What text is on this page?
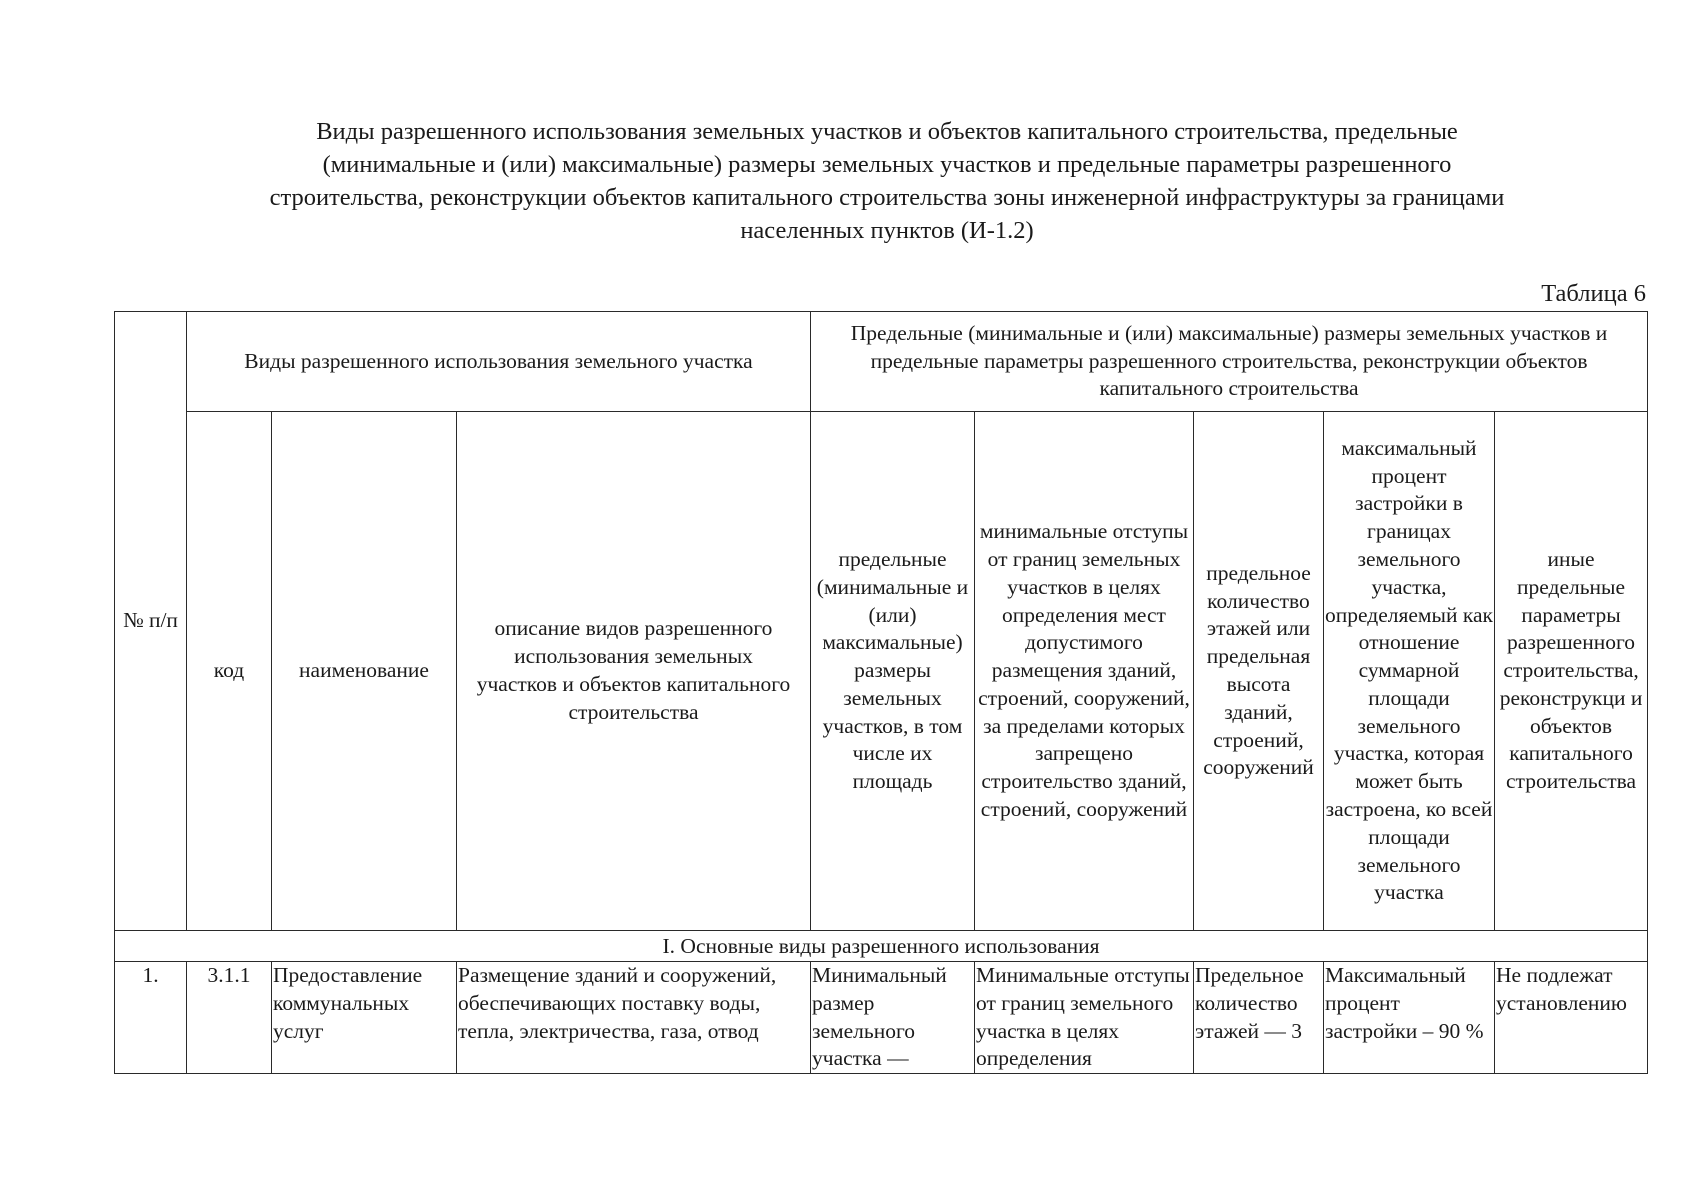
Виды разрешенного использования земельных участков и объектов капитального строительства, предельные
(минимальные и (или) максимальные) размеры земельных участков и предельные параметры разрешенного
строительства, реконструкции объектов капитального строительства зоны инженерной инфраструктуры за границами
населенных пунктов (И-1.2)
Таблица 6
№ п/п	Виды разрешенного использования земельного участка			Предельные (минимальные и (или) максимальные) размеры земельных участков и предельные параметры разрешенного строительства, реконструкции объектов капитального строительства				
	код	наименование	описание видов разрешенного использования земельных участков и объектов капитального строительства	предельные (минимальные и (или) максимальные) размеры земельных участков, в том числе их площадь	минимальные отступы от границ земельных участков в целях определения мест допустимого размещения зданий, строений, сооружений, за пределами которых запрещено строительство зданий, строений, сооружений	предельное количество этажей или предельная высота зданий, строений, сооружений	максимальный процент застройки в границах земельного участка, определяемый как отношение суммарной площади земельного участка, которая может быть застроена, ко всей площади земельного участка	иные предельные параметры разрешенного строительства, реконструкци и объектов капитального строительства
I. Основные виды разрешенного использования								
1.	3.1.1	Предоставление коммунальных услуг	Размещение зданий и сооружений, обеспечивающих поставку воды, тепла, электричества, газа, отвод	Минимальный размер земельного участка —	Минимальные отступы от границ земельного участка в целях определения	Предельное количество этажей — 3	Максимальный процент застройки – 90 %	Не подлежат установлению
